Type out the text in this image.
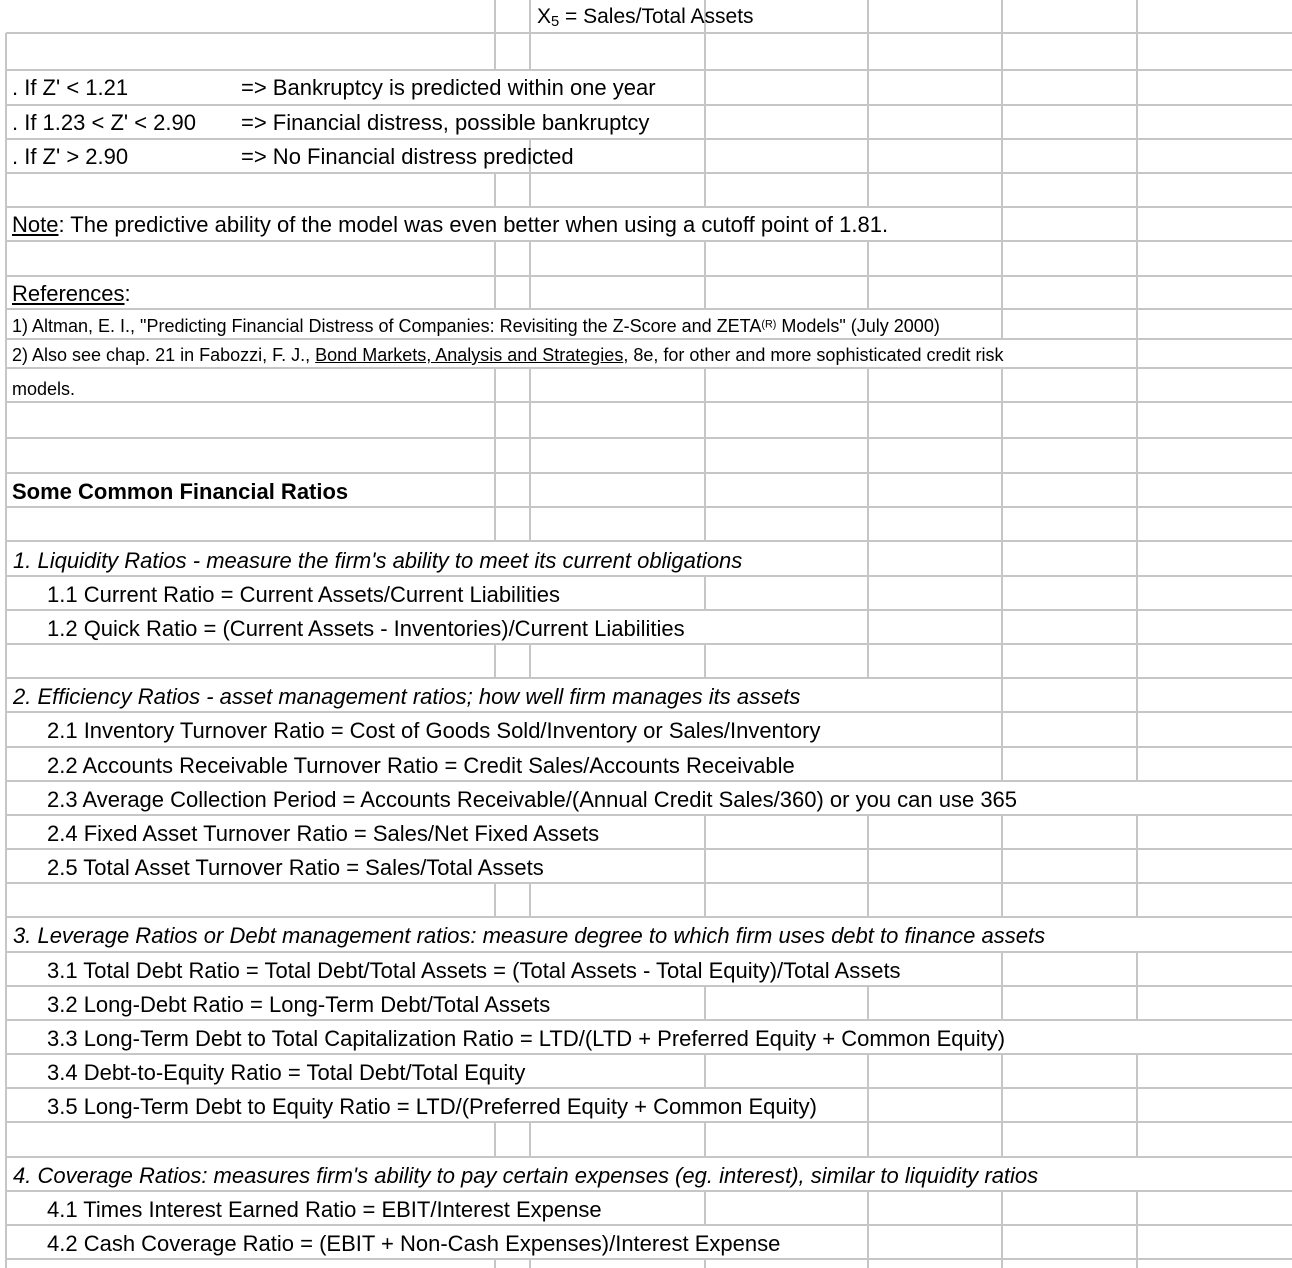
$X_5$ = Sales/Total Assets
. If Z' < 1.21	=> Bankruptcy is predicted within one year
. If 1.23 < Z' < 2.90 => Financial distress, possible bankruptcy
. If Z' > 2.90	=> No Financial distress predicted
Note: The predictive ability of the model was even better when using a cutoff point of 1.81.
References:
1) Altman, E. I., "Predicting Financial Distress of Companies: Revisiting the Z-Score and $ZETA^{(R)}$ Models" (July 2000)
2) Also see chap. 21 in Fabozzi, F. J., Bond Markets, Analysis and Strategies, 8e, for other and more sophisticated credit risk
models.
Some Common Financial Ratios
1. Liquidity Ratios - measure the firm's ability to meet its current obligations
1.1 Current Ratio = Current Assets/Current Liabilities
1.2 Quick Ratio = (Current Assets - Inventories)/Current Liabilities
2. Efficiency Ratios - asset management ratios; how well firm manages its assets
2.1 Inventory Turnover Ratio = Cost of Goods Sold/Inventory or Sales/Inventory
2.2 Accounts Receivable Turnover Ratio = Credit Sales/Accounts Receivable
2.3 Average Collection Period = Accounts Receivable/(Annual Credit Sales/360) or you can use 365
2.4 Fixed Asset Turnover Ratio = Sales/Net Fixed Assets
2.5 Total Asset Turnover Ratio = Sales/Total Assets
3. Leverage Ratios or Debt management ratios: measure degree to which firm uses debt to finance assets
3.1 Total Debt Ratio = Total Debt/Total Assets = (Total Assets - Total Equity)/Total Assets
3.2 Long-Debt Ratio = Long-Term Debt/Total Assets
3.3 Long-Term Debt to Total Capitalization Ratio = LTD/(LTD + Preferred Equity + Common Equity)
3.4 Debt-to-Equity Ratio = Total Debt/Total Equity
3.5 Long-Term Debt to Equity Ratio = LTD/(Preferred Equity + Common Equity)
4. Coverage Ratios: measures firm's ability to pay certain expenses (eg. interest), similar to liquidity ratios
4.1 Times Interest Earned Ratio = EBIT/Interest Expense
4.2 Cash Coverage Ratio = (EBIT + Non-Cash Expenses)/Interest Expense
